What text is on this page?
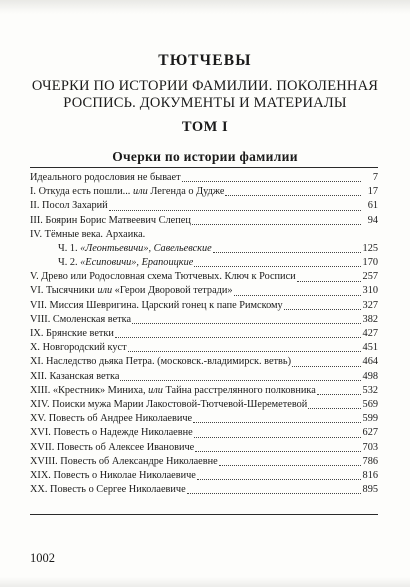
ТЮТЧЕВЫ
ОЧЕРКИ ПО ИСТОРИИ ФАМИЛИИ. ПОКОЛЕННАЯ РОСПИСЬ. ДОКУМЕНТЫ И МАТЕРИАЛЫ
ТОМ I
Очерки по истории фамилии
Идеального родословия не бывает	7
I. Откуда есть пошли... или Легенда о Дудже	17
II. Посол Захарий	61
III. Боярин Борис Матвеевич Слепец	94
IV. Тёмные века. Архаика.
Ч. 1. «Леонтьевичи», Савельевские	125
Ч. 2. «Есиповичи», Ерапоицкие	170
V. Древо или Родословная схема Тютчевых. Ключ к Росписи	257
VI. Тысячники или «Герои Дворовой тетради»	310
VII. Миссия Шевригина. Царский гонец к папе Римскому	327
VIII. Смоленская ветка	382
IX. Брянские ветки	427
X. Новгородский куст	451
XI. Наследство дьяка Петра. (московск.-владимирск. ветвь)	464
XII. Казанская ветка	498
XIII. «Крестник» Миниха, или Тайна расстрелянного полковника	532
XIV. Поиски мужа Марии Лакостовой-Тютчевой-Шереметевой	569
XV. Повесть об Андрее Николаевиче	599
XVI. Повесть о Надежде Николаевне	627
XVII. Повесть об Алексее Ивановиче	703
XVIII. Повесть об Александре Николаевне	786
XIX. Повесть о Николае Николаевиче	816
XX. Повесть о Сергее Николаевиче	895
1002
